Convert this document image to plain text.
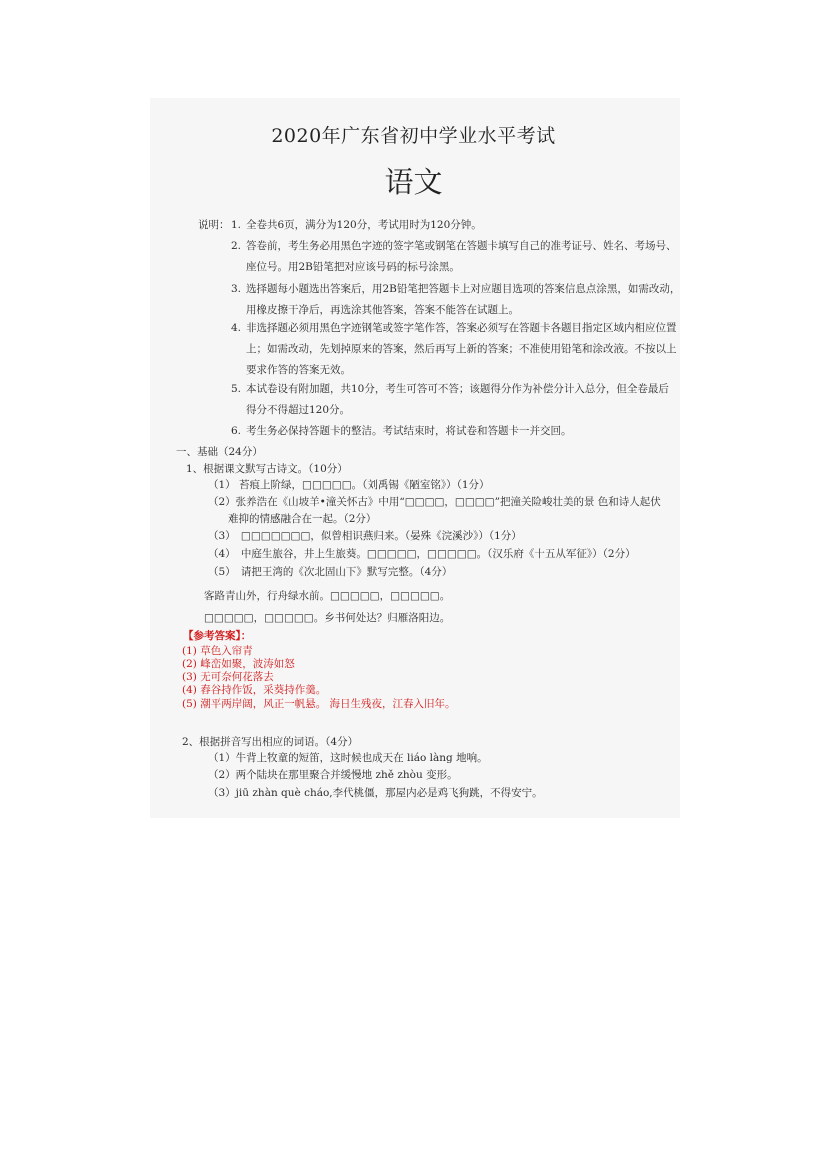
2020年广东省初中学业水平考试
语文
说明： 1. 全卷共6页，满分为120分，考试用时为120分钟。
2. 答卷前，考生务必用黑色字迹的签字笔或钢笔在答题卡填写自己的准考证号、姓名、考场号、
座位号。用2B铅笔把对应该号码的标号涂黑。
3. 选择题每小题选出答案后，用2B铅笔把答题卡上对应题目选项的答案信息点涂黑，如需改动，
用橡皮擦干净后，再选涂其他答案，答案不能答在试题上。
4. 非选择题必须用黑色字迹钢笔或签字笔作答，答案必须写在答题卡各题目指定区域内相应位置
上；如需改动，先划掉原来的答案，然后再写上新的答案；不准使用铅笔和涂改液。不按以上
要求作答的答案无效。
5. 本试卷设有附加题，共10分，考生可答可不答；该题得分作为补偿分计入总分，但全卷最后
得分不得超过120分。
6. 考生务必保持答题卡的整洁。考试结束时，将试卷和答题卡一并交回。
一、基础（24分）
1、根据课文默写古诗文。（10分）
（1） 苔痕上阶绿，□□□□□。（刘禹锡《陋室铭》）（1分）
（2）张养浩在《山坡羊•潼关怀古》中用“□□□□，□□□□”把潼关险峻壮美的景 色和诗人起伏
难抑的情感融合在一起。（2分）
（3）　□□□□□□□，似曾相识燕归来。（晏殊《浣溪沙》）（1分）
（4）　中庭生旅谷，井上生旅葵。□□□□□，□□□□□。（汉乐府《十五从军征》）（2分）
（5）　请把王湾的《次北固山下》默写完整。（4分）
客路青山外，行舟绿水前。□□□□□，□□□□□。
□□□□□，□□□□□。乡书何处达？归雁洛阳边。
【参考答案】：
(1) 草色入帘青
(2) 峰峦如聚，波涛如怒
(3) 无可奈何花落去
(4) 舂谷持作饭，采葵持作羹。
(5) 潮平两岸阔，风正一帆悬。 海日生残夜，江春入旧年。
2、根据拼音写出相应的词语。（4分）
（1）牛背上牧童的短笛，这时候也成天在 liáo làng 地响。
（2）两个陆块在那里聚合并缓慢地 zhě zhòu 变形。
（3）jiū zhàn què cháo,李代桃僵，那屋内必是鸡飞狗跳，不得安宁。
